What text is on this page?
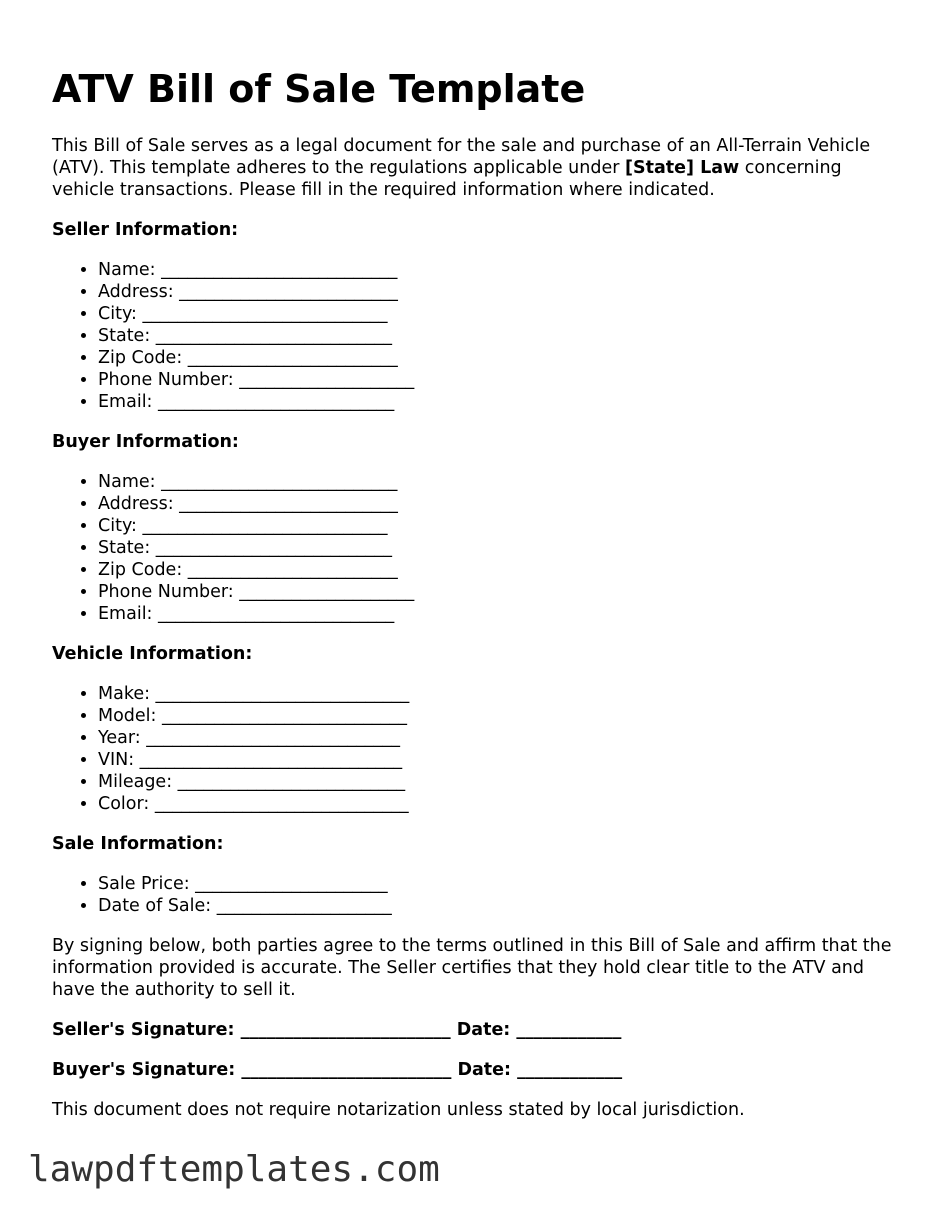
ATV Bill of Sale Template

This Bill of Sale serves as a legal document for the sale and purchase of an All-Terrain Vehicle (ATV). This template adheres to the regulations applicable under [State] Law concerning vehicle transactions. Please fill in the required information where indicated.

Seller Information:
• Name: ___________________________
• Address: _________________________
• City: ____________________________
• State: ___________________________
• Zip Code: ________________________
• Phone Number: ____________________
• Email: ___________________________
Buyer Information:
• Name: ___________________________
• Address: _________________________
• City: ____________________________
• State: ___________________________
• Zip Code: ________________________
• Phone Number: ____________________
• Email: ___________________________
Vehicle Information:
• Make: _____________________________
• Model: ____________________________
• Year: _____________________________
• VIN: ______________________________
• Mileage: __________________________
• Color: _____________________________
Sale Information:
• Sale Price: ______________________
• Date of Sale: ____________________

By signing below, both parties agree to the terms outlined in this Bill of Sale and affirm that the information provided is accurate. The Seller certifies that they hold clear title to the ATV and have the authority to sell it.

Seller's Signature: ________________________ Date: ____________
Buyer's Signature: ________________________ Date: ____________

This document does not require notarization unless stated by local jurisdiction.

lawpdftemplates.com
